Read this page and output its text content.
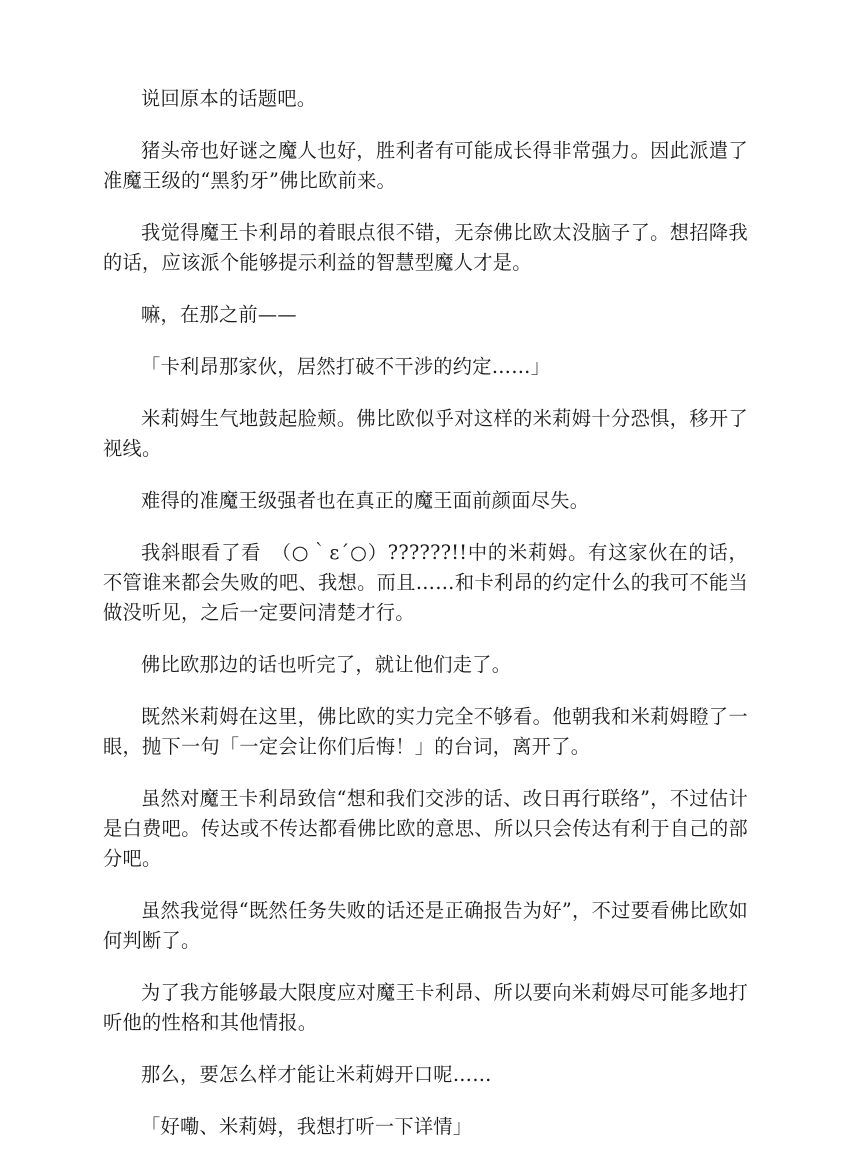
说回原本的话题吧。

猪头帝也好谜之魔人也好，胜利者有可能成长得非常强力。因此派遣了准魔王级的“黑豹牙”佛比欧前来。

我觉得魔王卡利昂的着眼点很不错，无奈佛比欧太没脑子了。想招降我的话，应该派个能够提示利益的智慧型魔人才是。

嘛，在那之前——

「卡利昂那家伙，居然打破不干涉的约定……」

米莉姆生气地鼓起脸颊。佛比欧似乎对这样的米莉姆十分恐惧，移开了视线。

难得的准魔王级强者也在真正的魔王面前颜面尽失。

我斜眼看了看　（○｀ε´○）??????!!中的米莉姆。有这家伙在的话，不管谁来都会失败的吧、我想。而且……和卡利昂的约定什么的我可不能当做没听见，之后一定要问清楚才行。

佛比欧那边的话也听完了，就让他们走了。

既然米莉姆在这里，佛比欧的实力完全不够看。他朝我和米莉姆瞪了一眼，抛下一句「一定会让你们后悔！」的台词，离开了。

虽然对魔王卡利昂致信“想和我们交涉的话、改日再行联络”，不过估计是白费吧。传达或不传达都看佛比欧的意思、所以只会传达有利于自己的部分吧。

虽然我觉得“既然任务失败的话还是正确报告为好”，不过要看佛比欧如何判断了。

为了我方能够最大限度应对魔王卡利昂、所以要向米莉姆尽可能多地打听他的性格和其他情报。

那么，要怎么样才能让米莉姆开口呢……

「好嘞、米莉姆，我想打听一下详情」
